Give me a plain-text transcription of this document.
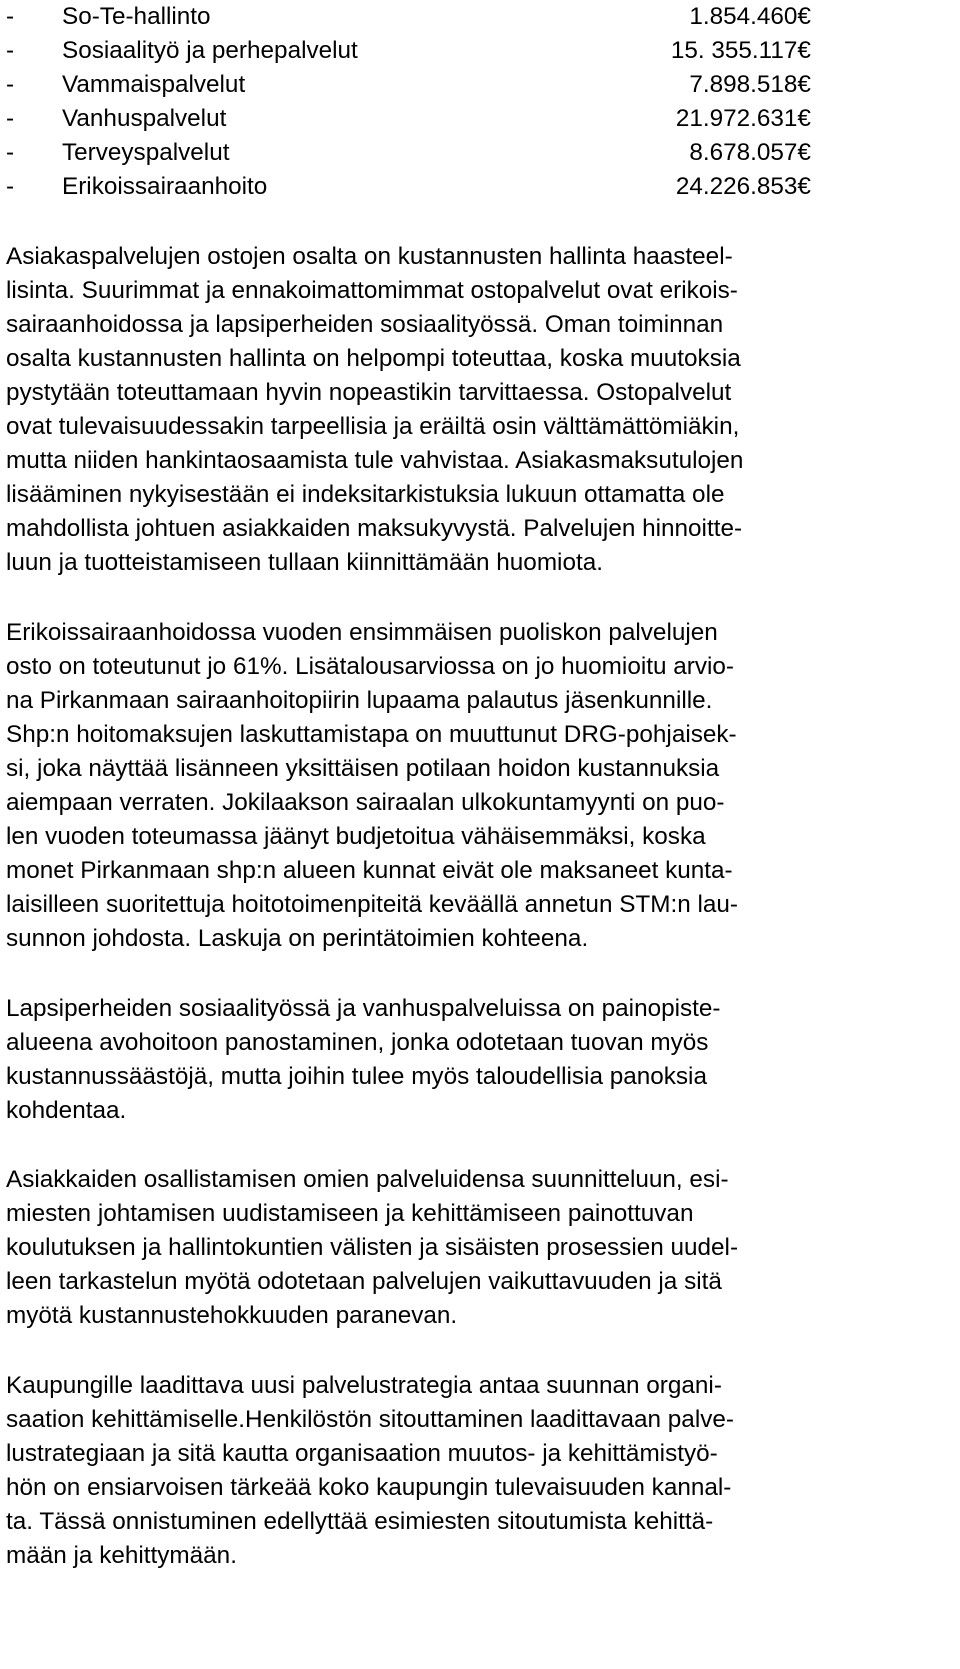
- So-Te-hallinto	1.854.460€
- Sosiaalityö ja perhepalvelut	15. 355.117€
- Vammaispalvelut	7.898.518€
- Vanhuspalvelut	21.972.631€
- Terveyspalvelut	8.678.057€
- Erikoissairaanhoito	24.226.853€
Asiakaspalvelujen ostojen osalta on kustannusten hallinta haasteel-
lisinta. Suurimmat ja ennakoimattomimmat ostopalvelut ovat erikois-
sairaanhoidossa ja lapsiperheiden sosiaalityössä. Oman toiminnan
osalta kustannusten hallinta on helpompi toteuttaa, koska muutoksia
pystytään toteuttamaan hyvin nopeastikin tarvittaessa. Ostopalvelut
ovat tulevaisuudessakin tarpeellisia ja eräiltä osin välttämättömiäkin,
mutta niiden hankintaosaamista tule vahvistaa. Asiakasmaksutulojen
lisääminen nykyisestään ei indeksitarkistuksia lukuun ottamatta ole
mahdollista johtuen asiakkaiden maksukyvystä. Palvelujen hinnoitte-
luun ja tuotteistamiseen tullaan kiinnittämään huomiota.
Erikoissairaanhoidossa vuoden ensimmäisen puoliskon palvelujen
osto on toteutunut jo 61%. Lisätalousarviossa on jo huomioitu arvio-
na Pirkanmaan sairaanhoitopiirin lupaama palautus jäsenkunnille.
Shp:n hoitomaksujen laskuttamistapa on muuttunut DRG-pohjaisek-
si, joka näyttää lisänneen yksittäisen potilaan hoidon kustannuksia
aiempaan verraten. Jokilaakson sairaalan ulkokuntamyynti on puo-
len vuoden toteumassa jäänyt budjetoitua vähäisemmäksi, koska
monet Pirkanmaan shp:n alueen kunnat eivät ole maksaneet kunta-
laisilleen suoritettuja hoitotoimenpiteitä keväällä annetun STM:n lau-
sunnon johdosta. Laskuja on perintätoimien kohteena.
Lapsiperheiden sosiaalityössä ja vanhuspalveluissa on painopiste-
alueena avohoitoon panostaminen, jonka odotetaan tuovan myös
kustannussäästöjä, mutta joihin tulee myös taloudellisia panoksia
kohdentaa.
Asiakkaiden osallistamisen omien palveluidensa suunnitteluun, esi-
miesten johtamisen uudistamiseen ja kehittämiseen painottuvan
koulutuksen ja hallintokuntien välisten ja sisäisten prosessien uudel-
leen tarkastelun myötä odotetaan palvelujen vaikuttavuuden ja sitä
myötä kustannustehokkuuden paranevan.
Kaupungille laadittava uusi palvelustrategia antaa suunnan organi-
saation kehittämiselle.Henkilöstön sitouttaminen laadittavaan palve-
lustrategiaan ja sitä kautta organisaation muutos- ja kehittämistyö-
hön on ensiarvoisen tärkeää koko kaupungin tulevaisuuden kannal-
ta. Tässä onnistuminen edellyttää esimiesten sitoutumista kehittä-
mään ja kehittymään.
